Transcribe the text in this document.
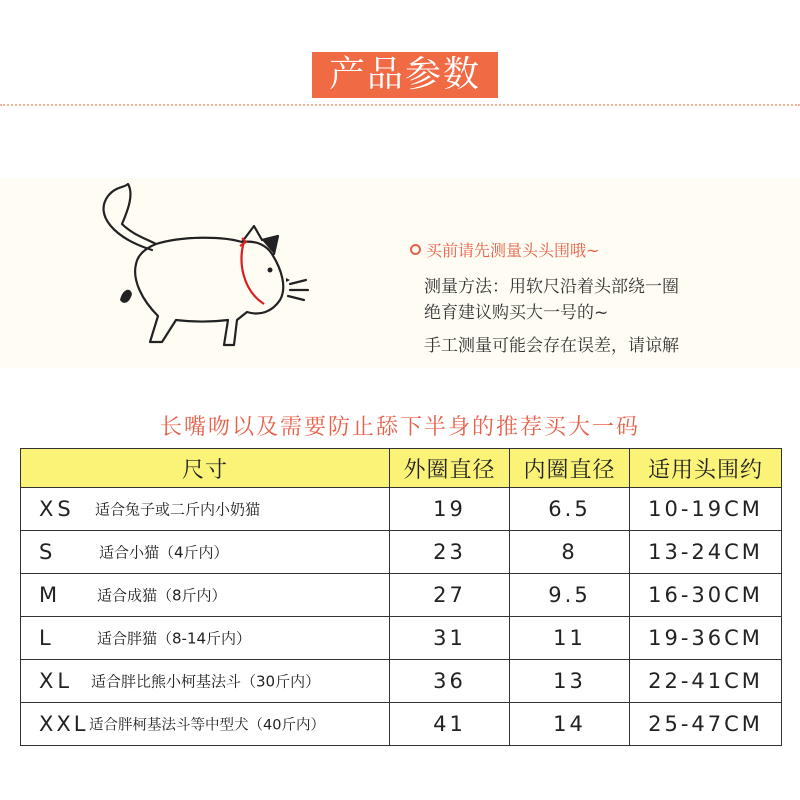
产品参数
买前请先测量头头围哦~
测量方法：用软尺沿着头部绕一圈
绝育建议购买大一号的~
手工测量可能会存在误差，请谅解
长嘴吻以及需要防止舔下半身的推荐买大一码
尺寸	外圈直径	内圈直径	适用头围约

XS 适合兔子或二斤内小奶猫	19	6.5	10-19CM

S 适合小猫（4斤内）	23	8	13-24CM

M 适合成猫（8斤内）	27	9.5	16-30CM

L 适合胖猫（8-14斤内）	31	11	19-36CM

XL 适合胖比熊小柯基法斗（30斤内）	36	13	22-41CM

XXL 适合胖柯基法斗等中型犬（40斤内）	41	14	25-47CM
